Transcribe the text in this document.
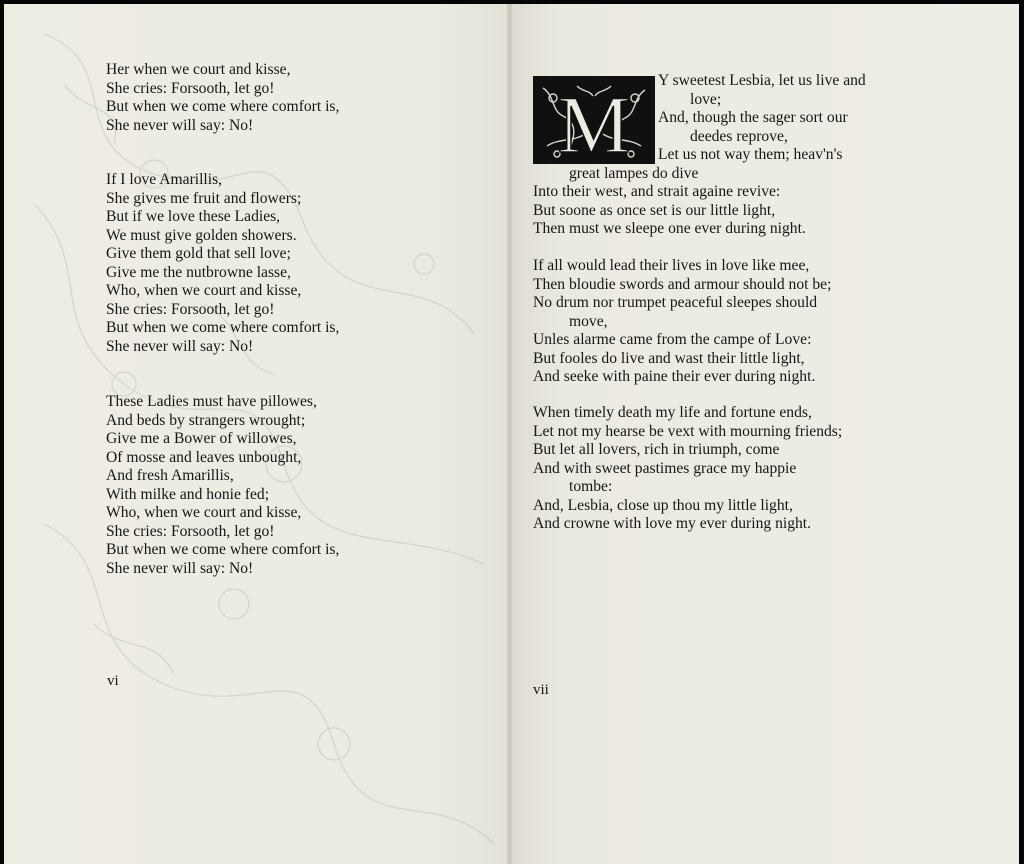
Her when we court and kisse,
She cries: Forsooth, let go!
But when we come where comfort is,
She never will say: No!
If I love Amarillis,
She gives me fruit and flowers;
But if we love these Ladies,
We must give golden showers.
Give them gold that sell love;
Give me the nutbrowne lasse,
Who, when we court and kisse,
She cries: Forsooth, let go!
But when we come where comfort is,
She never will say: No!
These Ladies must have pillowes,
And beds by strangers wrought;
Give me a Bower of willowes,
Of mosse and leaves unbought,
And fresh Amarillis,
With milke and honie fed;
Who, when we court and kisse,
She cries: Forsooth, let go!
But when we come where comfort is,
She never will say: No!
vi
M Y sweetest Lesbia, let us live and
love;
And, though the sager sort our
deedes reprove,
Let us not way them; heav'n's
great lampes do dive
Into their west, and strait againe revive:
But soone as once set is our little light,
Then must we sleepe one ever during night.
If all would lead their lives in love like mee,
Then bloudie swords and armour should not be;
No drum nor trumpet peaceful sleepes should
move,
Unles alarme came from the campe of Love:
But fooles do live and wast their little light,
And seeke with paine their ever during night.
When timely death my life and fortune ends,
Let not my hearse be vext with mourning friends;
But let all lovers, rich in triumph, come
And with sweet pastimes grace my happie
tombe:
And, Lesbia, close up thou my little light,
And crowne with love my ever during night.
vii
